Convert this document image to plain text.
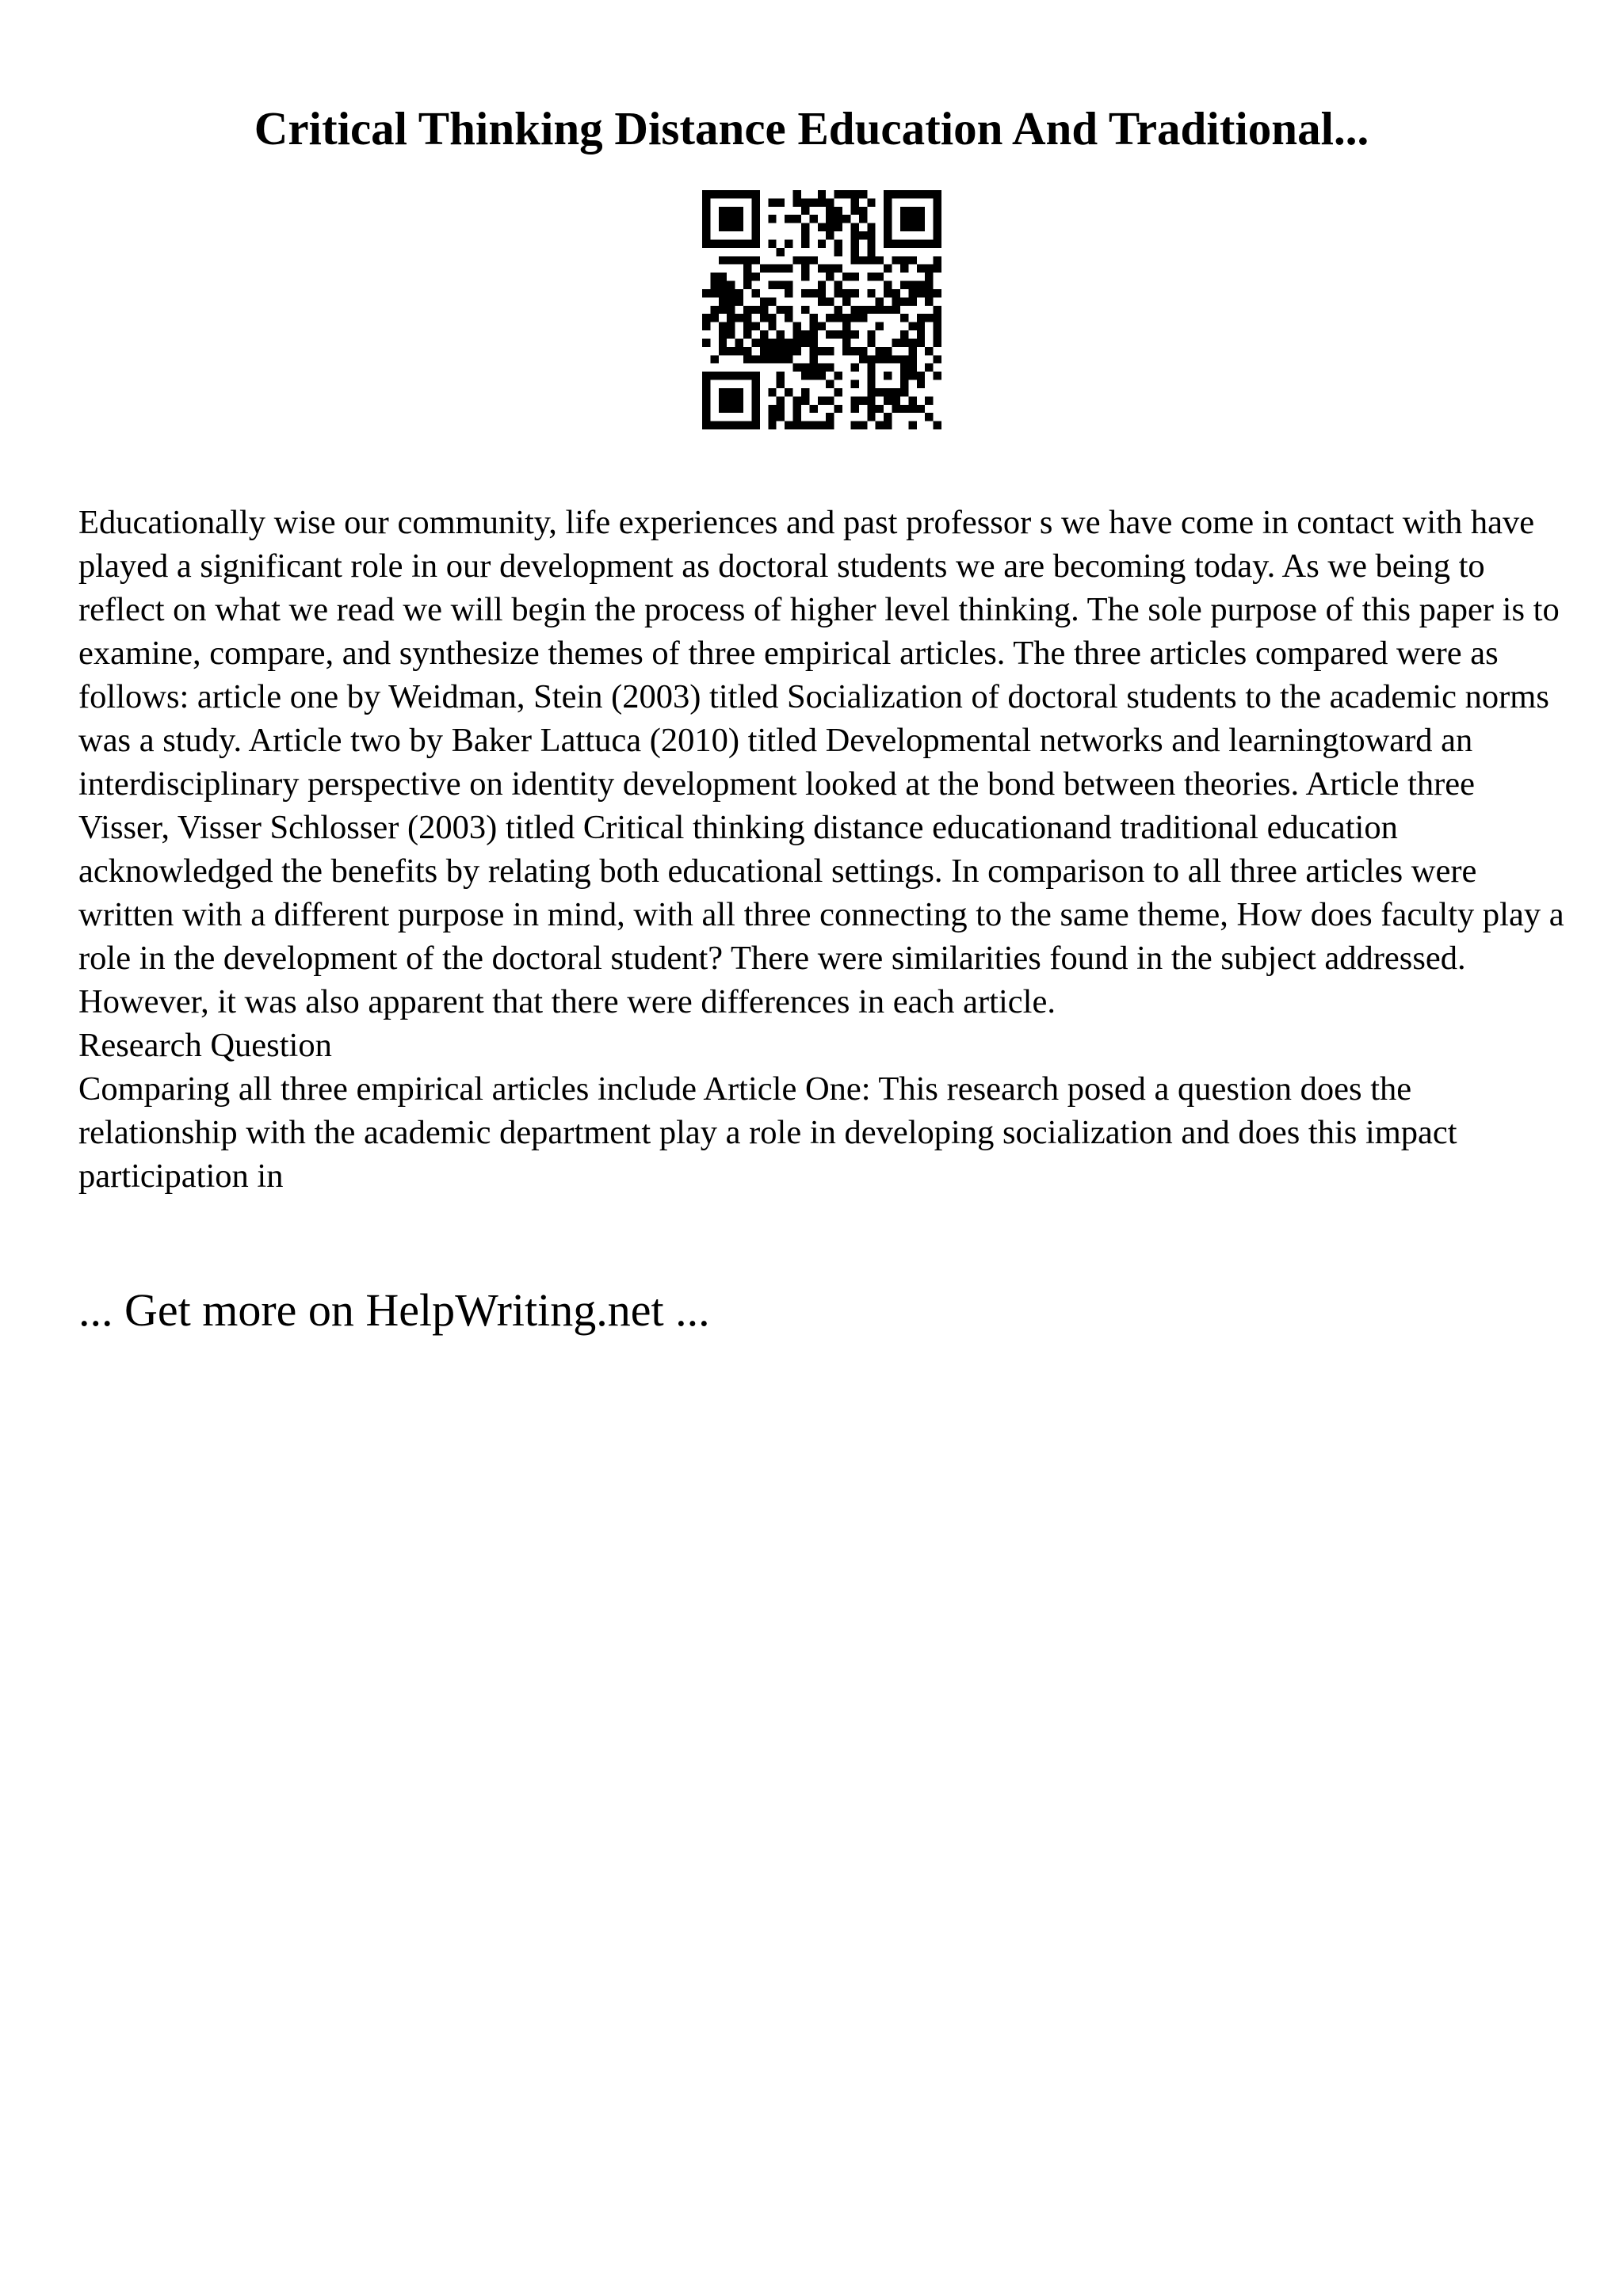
Critical Thinking Distance Education And Traditional...

Educationally wise our community, life experiences and past professor s we have come in contact with have played a significant role in our development as doctoral students we are becoming today. As we being to reflect on what we read we will begin the process of higher level thinking. The sole purpose of this paper is to examine, compare, and synthesize themes of three empirical articles. The three articles compared were as follows: article one by Weidman, Stein (2003) titled Socialization of doctoral students to the academic norms was a study. Article two by Baker Lattuca (2010) titled Developmental networks and learningtoward an interdisciplinary perspective on identity development looked at the bond between theories. Article three Visser, Visser Schlosser (2003) titled Critical thinking distance educationand traditional education acknowledged the benefits by relating both educational settings. In comparison to all three articles were written with a different purpose in mind, with all three connecting to the same theme, How does faculty play a role in the development of the doctoral student? There were similarities found in the subject addressed. However, it was also apparent that there were differences in each article.

Research Question

Comparing all three empirical articles include Article One: This research posed a question does the relationship with the academic department play a role in developing socialization and does this impact participation in

... Get more on HelpWriting.net ...
